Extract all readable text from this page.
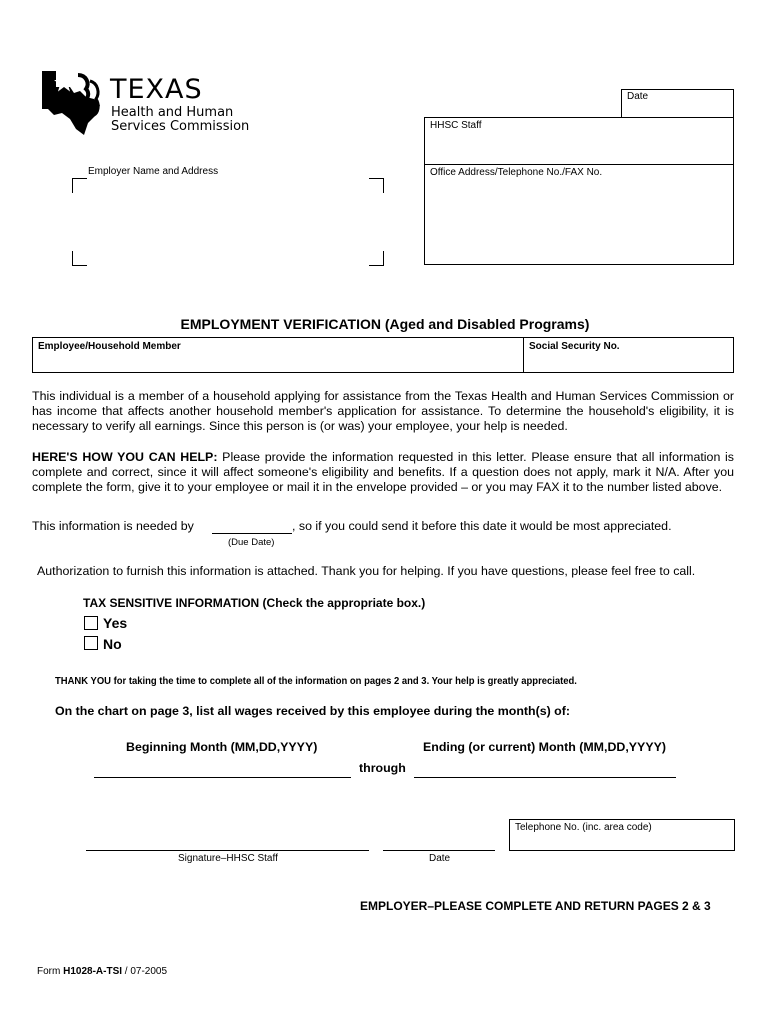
TEXAS
Health and Human
Services Commission
Date
HHSC Staff
Office Address/Telephone No./FAX No.
Employer Name and Address
EMPLOYMENT VERIFICATION (Aged and Disabled Programs)
Employee/Household Member	Social Security No.
This individual is a member of a household applying for assistance from the Texas Health and Human Services Commission or has income that affects another household member's application for assistance. To determine the household's eligibility, it is necessary to verify all earnings. Since this person is (or was) your employee, your help is needed.
HERE'S HOW YOU CAN HELP: Please provide the information requested in this letter. Please ensure that all information is complete and correct, since it will affect someone's eligibility and benefits. If a question does not apply, mark it N/A. After you complete the form, give it to your employee or mail it in the envelope provided – or you may FAX it to the number listed above.
This information is needed by	, so if you could send it before this date it would be most appreciated.
(Due Date)
Authorization to furnish this information is attached. Thank you for helping. If you have questions, please feel free to call.
TAX SENSITIVE INFORMATION (Check the appropriate box.)
Yes
No
THANK YOU for taking the time to complete all of the information on pages 2 and 3. Your help is greatly appreciated.
On the chart on page 3, list all wages received by this employee during the month(s) of:
Beginning Month (MM,DD,YYYY)	Ending (or current) Month (MM,DD,YYYY)
through
Telephone No. (inc. area code)
Signature–HHSC Staff	Date
EMPLOYER–PLEASE COMPLETE AND RETURN PAGES 2 & 3
Form H1028-A-TSI / 07-2005
